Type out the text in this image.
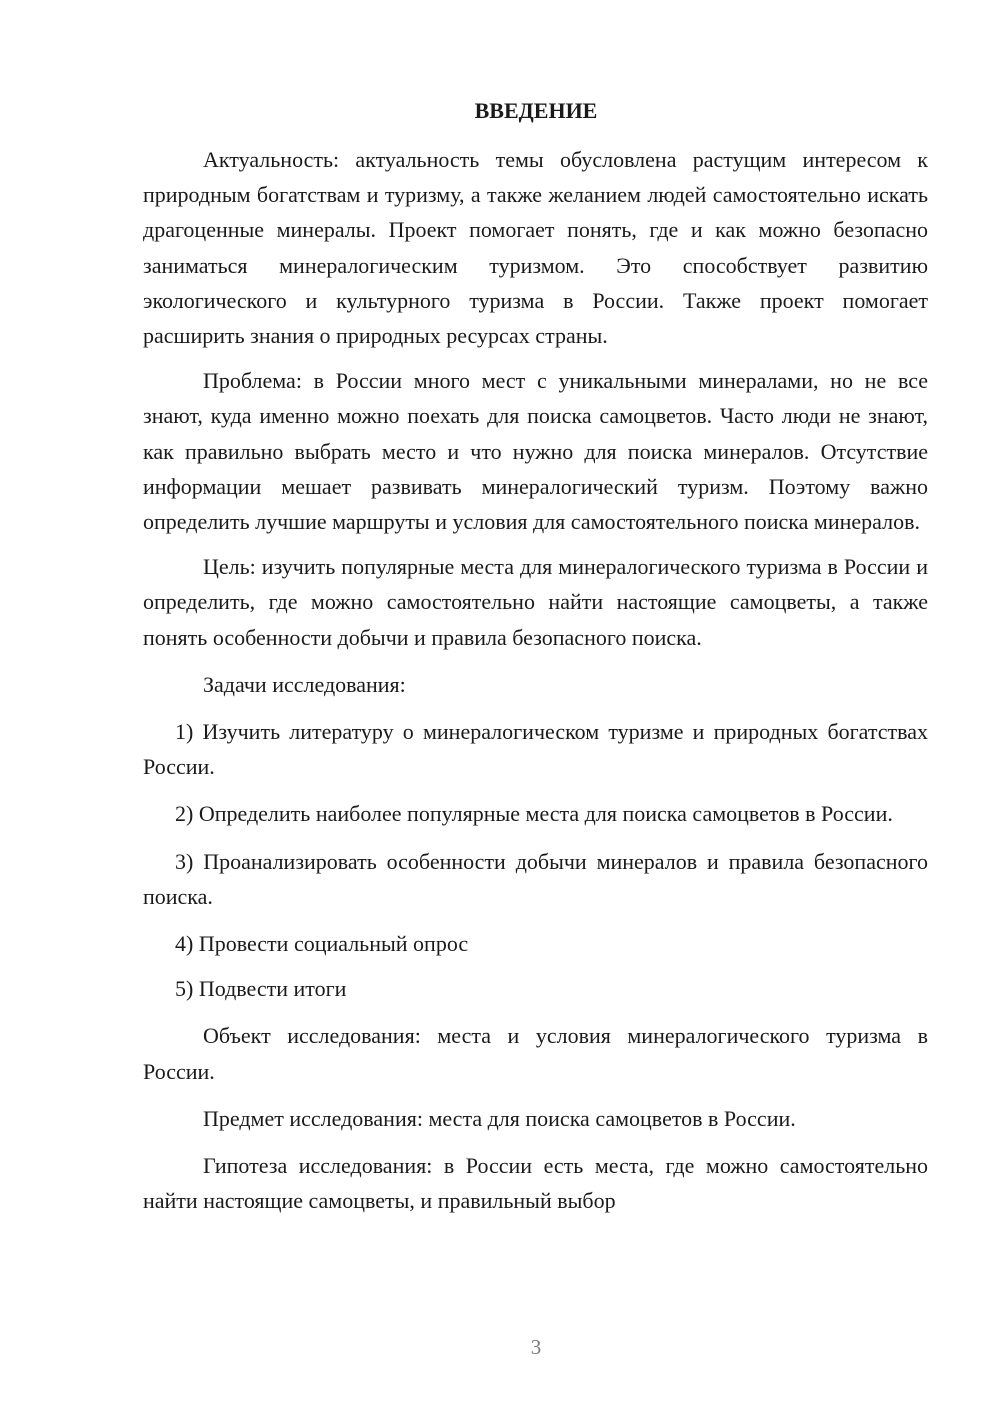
ВВЕДЕНИЕ

Актуальность: актуальность темы обусловлена растущим интересом к природным богатствам и туризму, а также желанием людей самостоятельно искать драгоценные минералы. Проект помогает понять, где и как можно безопасно заниматься минералогическим туризмом. Это способствует развитию экологического и культурного туризма в России. Также проект помогает расширить знания о природных ресурсах страны.

Проблема: в России много мест с уникальными минералами, но не все знают, куда именно можно поехать для поиска самоцветов. Часто люди не знают, как правильно выбрать место и что нужно для поиска минералов. Отсутствие информации мешает развивать минералогический туризм. Поэтому важно определить лучшие маршруты и условия для самостоятельного поиска минералов.

Цель: изучить популярные места для минералогического туризма в России и определить, где можно самостоятельно найти настоящие самоцветы, а также понять особенности добычи и правила безопасного поиска.

Задачи исследования:

1) Изучить литературу о минералогическом туризме и природных богатствах России.

2) Определить наиболее популярные места для поиска самоцветов в России.

3) Проанализировать особенности добычи минералов и правила безопасного поиска.

4) Провести социальный опрос

5) Подвести итоги

Объект исследования: места и условия минералогического туризма в России.

Предмет исследования: места для поиска самоцветов в России.

Гипотеза исследования: в России есть места, где можно самостоятельно найти настоящие самоцветы, и правильный выбор

3
